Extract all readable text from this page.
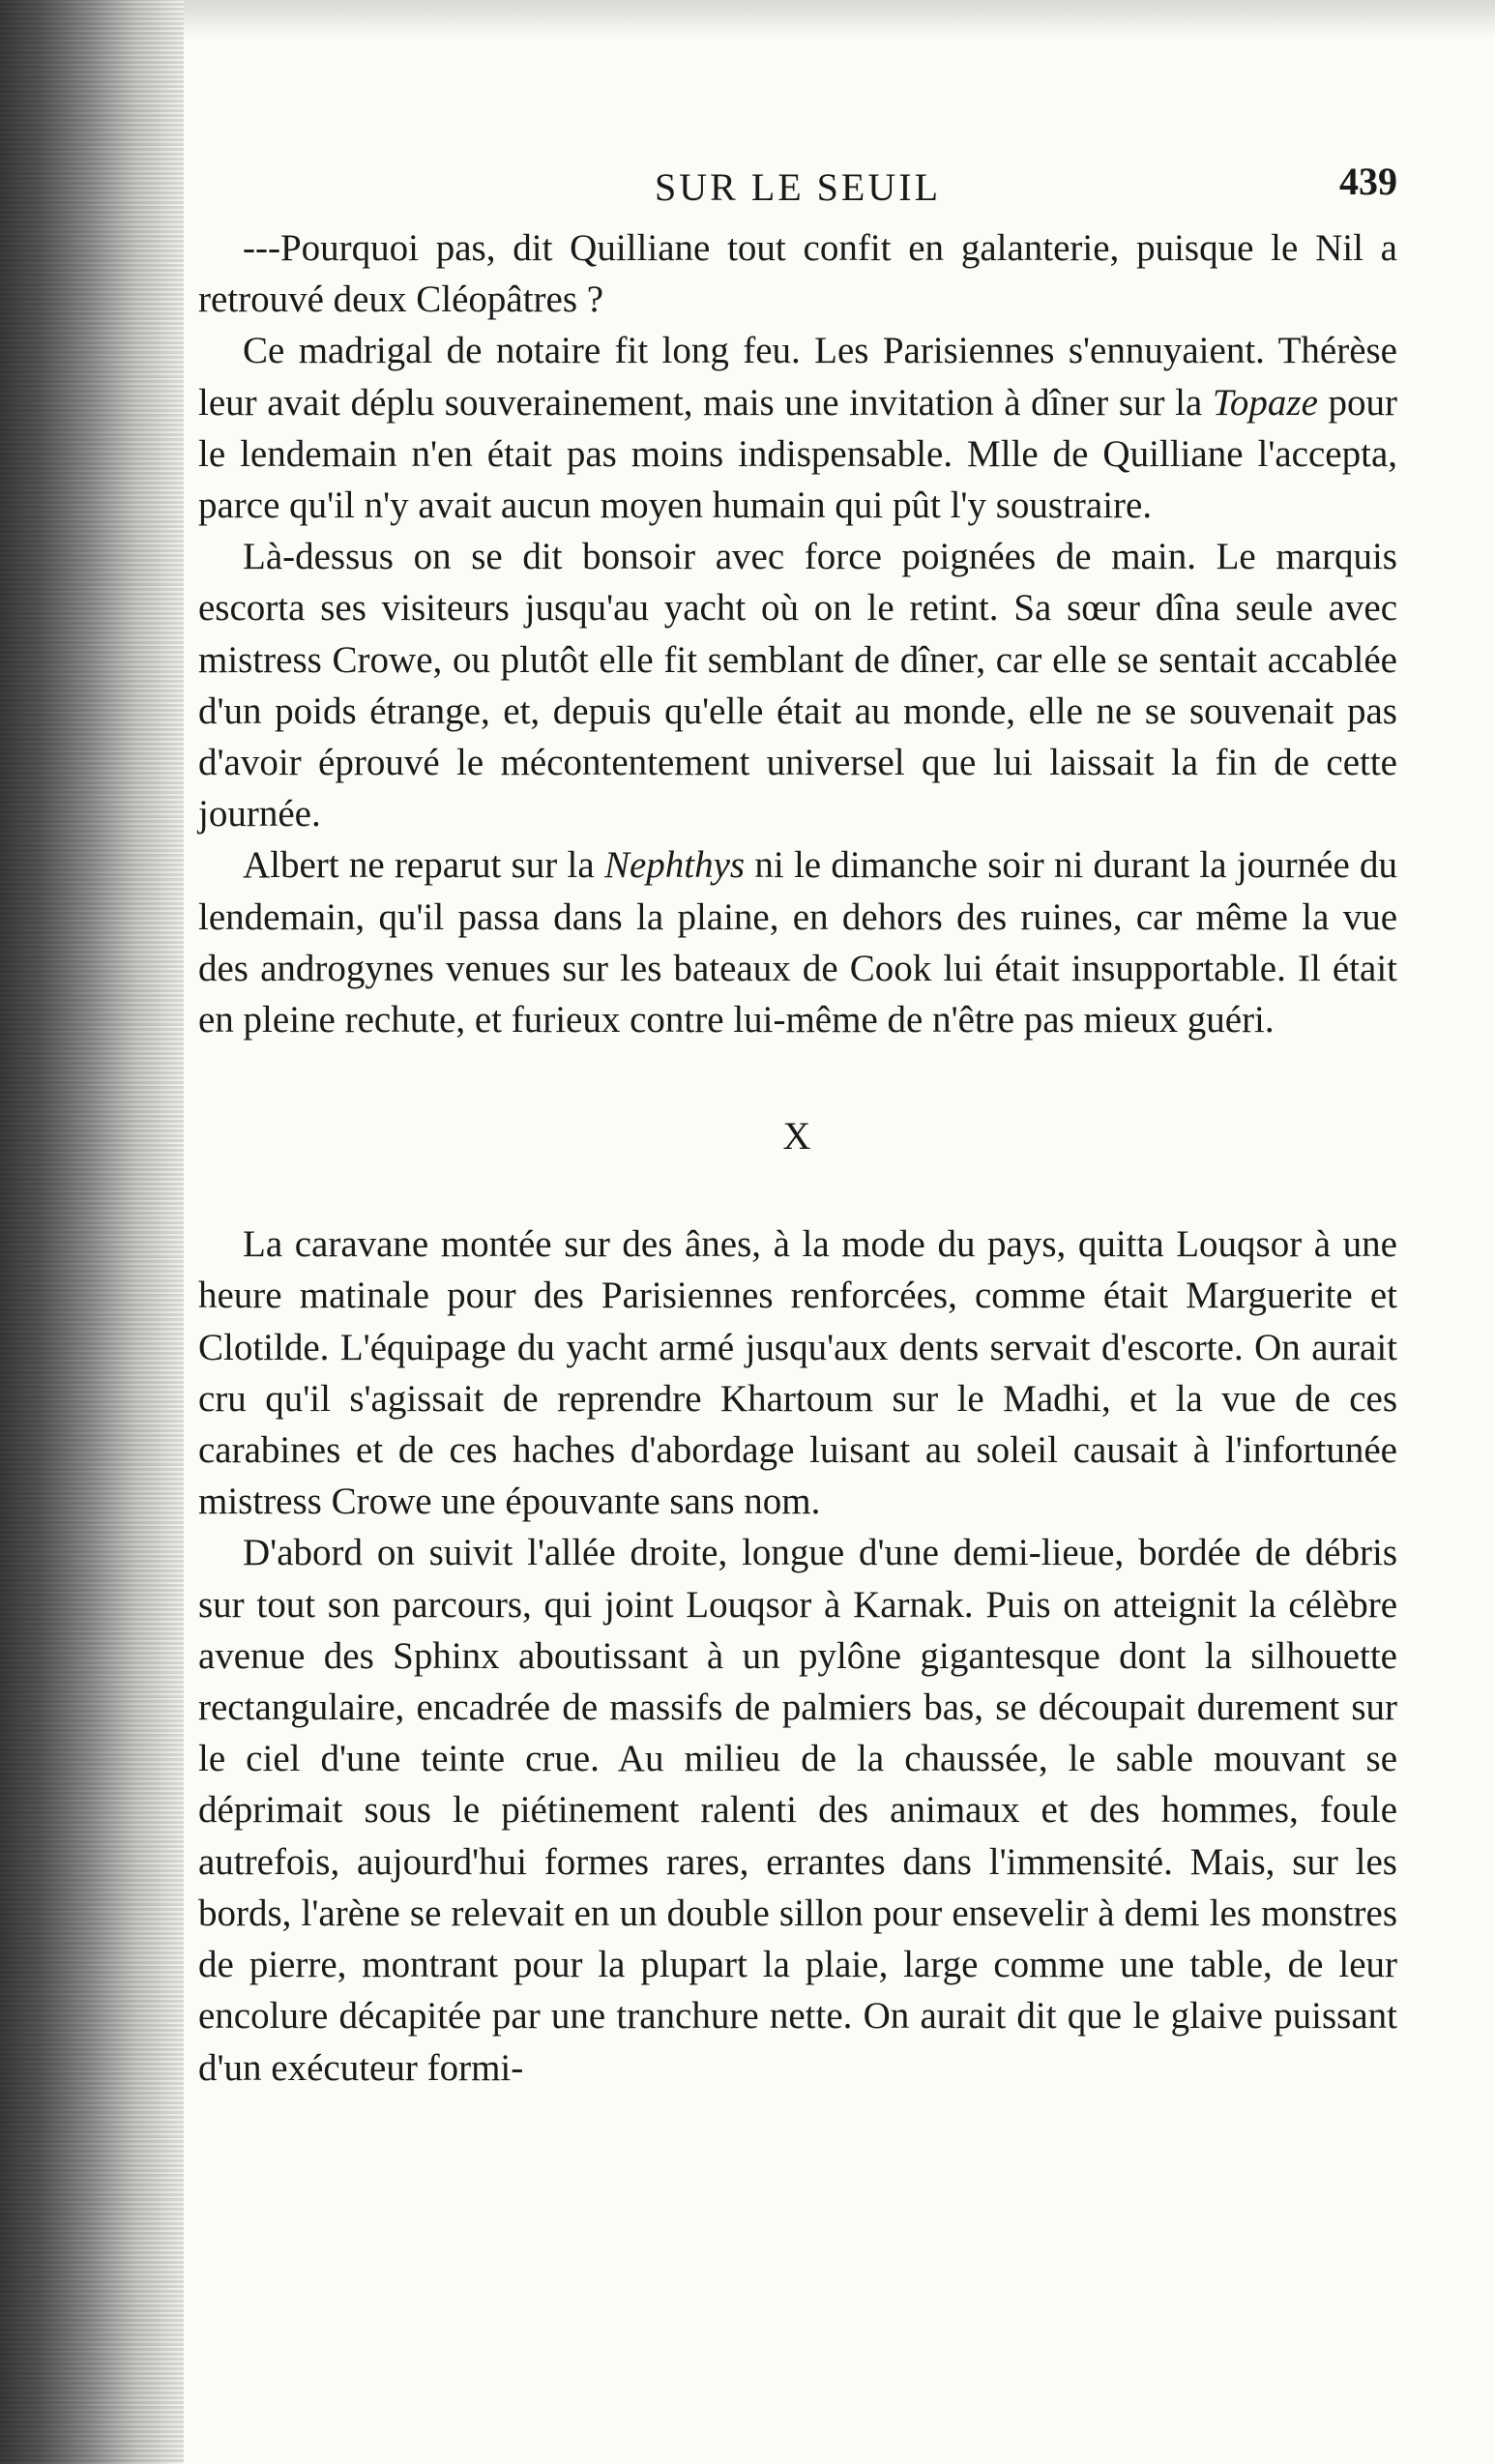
SUR LE SEUIL	439

---Pourquoi pas, dit Quilliane tout confit en galanterie, puisque le Nil a retrouvé deux Cléopâtres ?

Ce madrigal de notaire fit long feu. Les Parisiennes s'ennuyaient. Thérèse leur avait déplu souverainement, mais une invitation à dîner sur la Topaze pour le lendemain n'en était pas moins indispensable. Mlle de Quilliane l'accepta, parce qu'il n'y avait aucun moyen humain qui pût l'y soustraire.

Là-dessus on se dit bonsoir avec force poignées de main. Le marquis escorta ses visiteurs jusqu'au yacht où on le retint. Sa sœur dîna seule avec mistress Crowe, ou plutôt elle fit semblant de dîner, car elle se sentait accablée d'un poids étrange, et, depuis qu'elle était au monde, elle ne se souvenait pas d'avoir éprouvé le mécontentement universel que lui laissait la fin de cette journée.

Albert ne reparut sur la Nephthys ni le dimanche soir ni durant la journée du lendemain, qu'il passa dans la plaine, en dehors des ruines, car même la vue des androgynes venues sur les bateaux de Cook lui était insupportable. Il était en pleine rechute, et furieux contre lui-même de n'être pas mieux guéri.

X

La caravane montée sur des ânes, à la mode du pays, quitta Louqsor à une heure matinale pour des Parisiennes renforcées, comme était Marguerite et Clotilde. L'équipage du yacht armé jusqu'aux dents servait d'escorte. On aurait cru qu'il s'agissait de reprendre Khartoum sur le Madhi, et la vue de ces carabines et de ces haches d'abordage luisant au soleil causait à l'infortunée mistress Crowe une épouvante sans nom.

D'abord on suivit l'allée droite, longue d'une demi-lieue, bordée de débris sur tout son parcours, qui joint Louqsor à Karnak. Puis on atteignit la célèbre avenue des Sphinx aboutissant à un pylône gigantesque dont la silhouette rectangulaire, encadrée de massifs de palmiers bas, se découpait durement sur le ciel d'une teinte crue. Au milieu de la chaussée, le sable mouvant se déprimait sous le piétinement ralenti des animaux et des hommes, foule autrefois, aujourd'hui formes rares, errantes dans l'immensité. Mais, sur les bords, l'arène se relevait en un double sillon pour ensevelir à demi les monstres de pierre, montrant pour la plupart la plaie, large comme une table, de leur encolure décapitée par une tranchure nette. On aurait dit que le glaive puissant d'un exécuteur formi-
